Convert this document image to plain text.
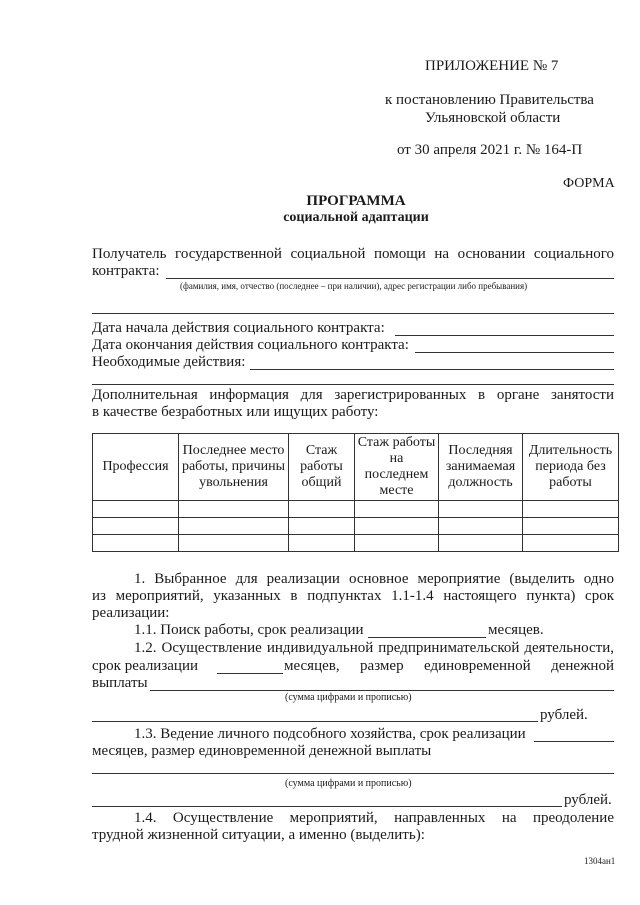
ПРИЛОЖЕНИЕ № 7
к постановлению Правительства
Ульяновской области
от 30 апреля 2021 г. № 164-П
ФОРМА
ПРОГРАММА
социальной адаптации
Получатель государственной социальной помощи на основании социального
контракта:
(фамилия, имя, отчество (последнее – при наличии), адрес регистрации либо пребывания)
Дата начала действия социального контракта:
Дата окончания действия социального контракта:
Необходимые действия:
Дополнительная информация для зарегистрированных в органе занятости
в качестве безработных или ищущих работу:
Профессия	Последнее место работы, причины увольнения	Стаж работы общий	Стаж работы на последнем месте	Последняя занимаемая должность	Длительность периода без работы

1. Выбранное для реализации основное мероприятие (выделить одно
из мероприятий, указанных в подпунктах 1.1-1.4 настоящего пункта) срок
реализации:
1.1. Поиск работы, срок реализации	месяцев.
1.2. Осуществление индивидуальной предпринимательской деятельности,
срок реализации	месяцев, размер единовременной денежной
выплаты
(сумма цифрами и прописью)
рублей.
1.3. Ведение личного подсобного хозяйства, срок реализации
месяцев, размер единовременной денежной выплаты
(сумма цифрами и прописью)
рублей.
1.4. Осуществление мероприятий, направленных на преодоление
трудной жизненной ситуации, а именно (выделить):
1304ан1
